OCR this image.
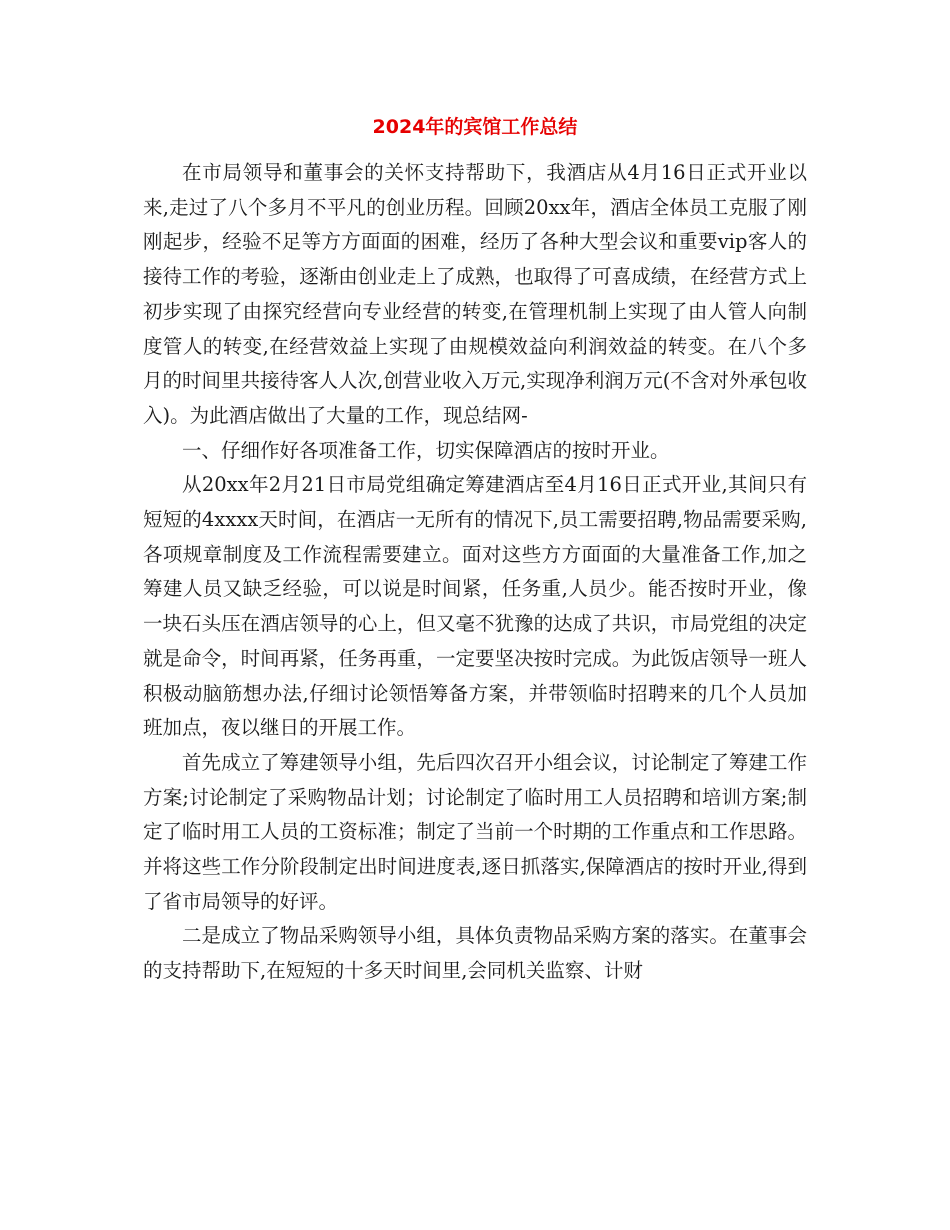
2024年的宾馆工作总结

在市局领导和董事会的关怀支持帮助下，我酒店从4月16日正式开业以来,走过了八个多月不平凡的创业历程。回顾20xx年，酒店全体员工克服了刚刚起步，经验不足等方方面面的困难，经历了各种大型会议和重要vip客人的接待工作的考验，逐渐由创业走上了成熟，也取得了可喜成绩，在经营方式上初步实现了由探究经营向专业经营的转变,在管理机制上实现了由人管人向制度管人的转变,在经营效益上实现了由规模效益向利润效益的转变。在八个多月的时间里共接待客人人次,创营业收入万元,实现净利润万元(不含对外承包收入)。为此酒店做出了大量的工作，现总结网-

一、仔细作好各项准备工作，切实保障酒店的按时开业。

从20xx年2月21日市局党组确定筹建酒店至4月16日正式开业,其间只有短短的4xxxx天时间，在酒店一无所有的情况下,员工需要招聘,物品需要采购,各项规章制度及工作流程需要建立。面对这些方方面面的大量准备工作,加之筹建人员又缺乏经验，可以说是时间紧，任务重,人员少。能否按时开业，像一块石头压在酒店领导的心上，但又毫不犹豫的达成了共识，市局党组的决定就是命令，时间再紧，任务再重，一定要坚决按时完成。为此饭店领导一班人积极动脑筋想办法,仔细讨论领悟筹备方案，并带领临时招聘来的几个人员加班加点，夜以继日的开展工作。

首先成立了筹建领导小组，先后四次召开小组会议，讨论制定了筹建工作方案;讨论制定了采购物品计划；讨论制定了临时用工人员招聘和培训方案;制定了临时用工人员的工资标准；制定了当前一个时期的工作重点和工作思路。并将这些工作分阶段制定出时间进度表,逐日抓落实,保障酒店的按时开业,得到了省市局领导的好评。

二是成立了物品采购领导小组，具体负责物品采购方案的落实。在董事会的支持帮助下,在短短的十多天时间里,会同机关监察、计财
